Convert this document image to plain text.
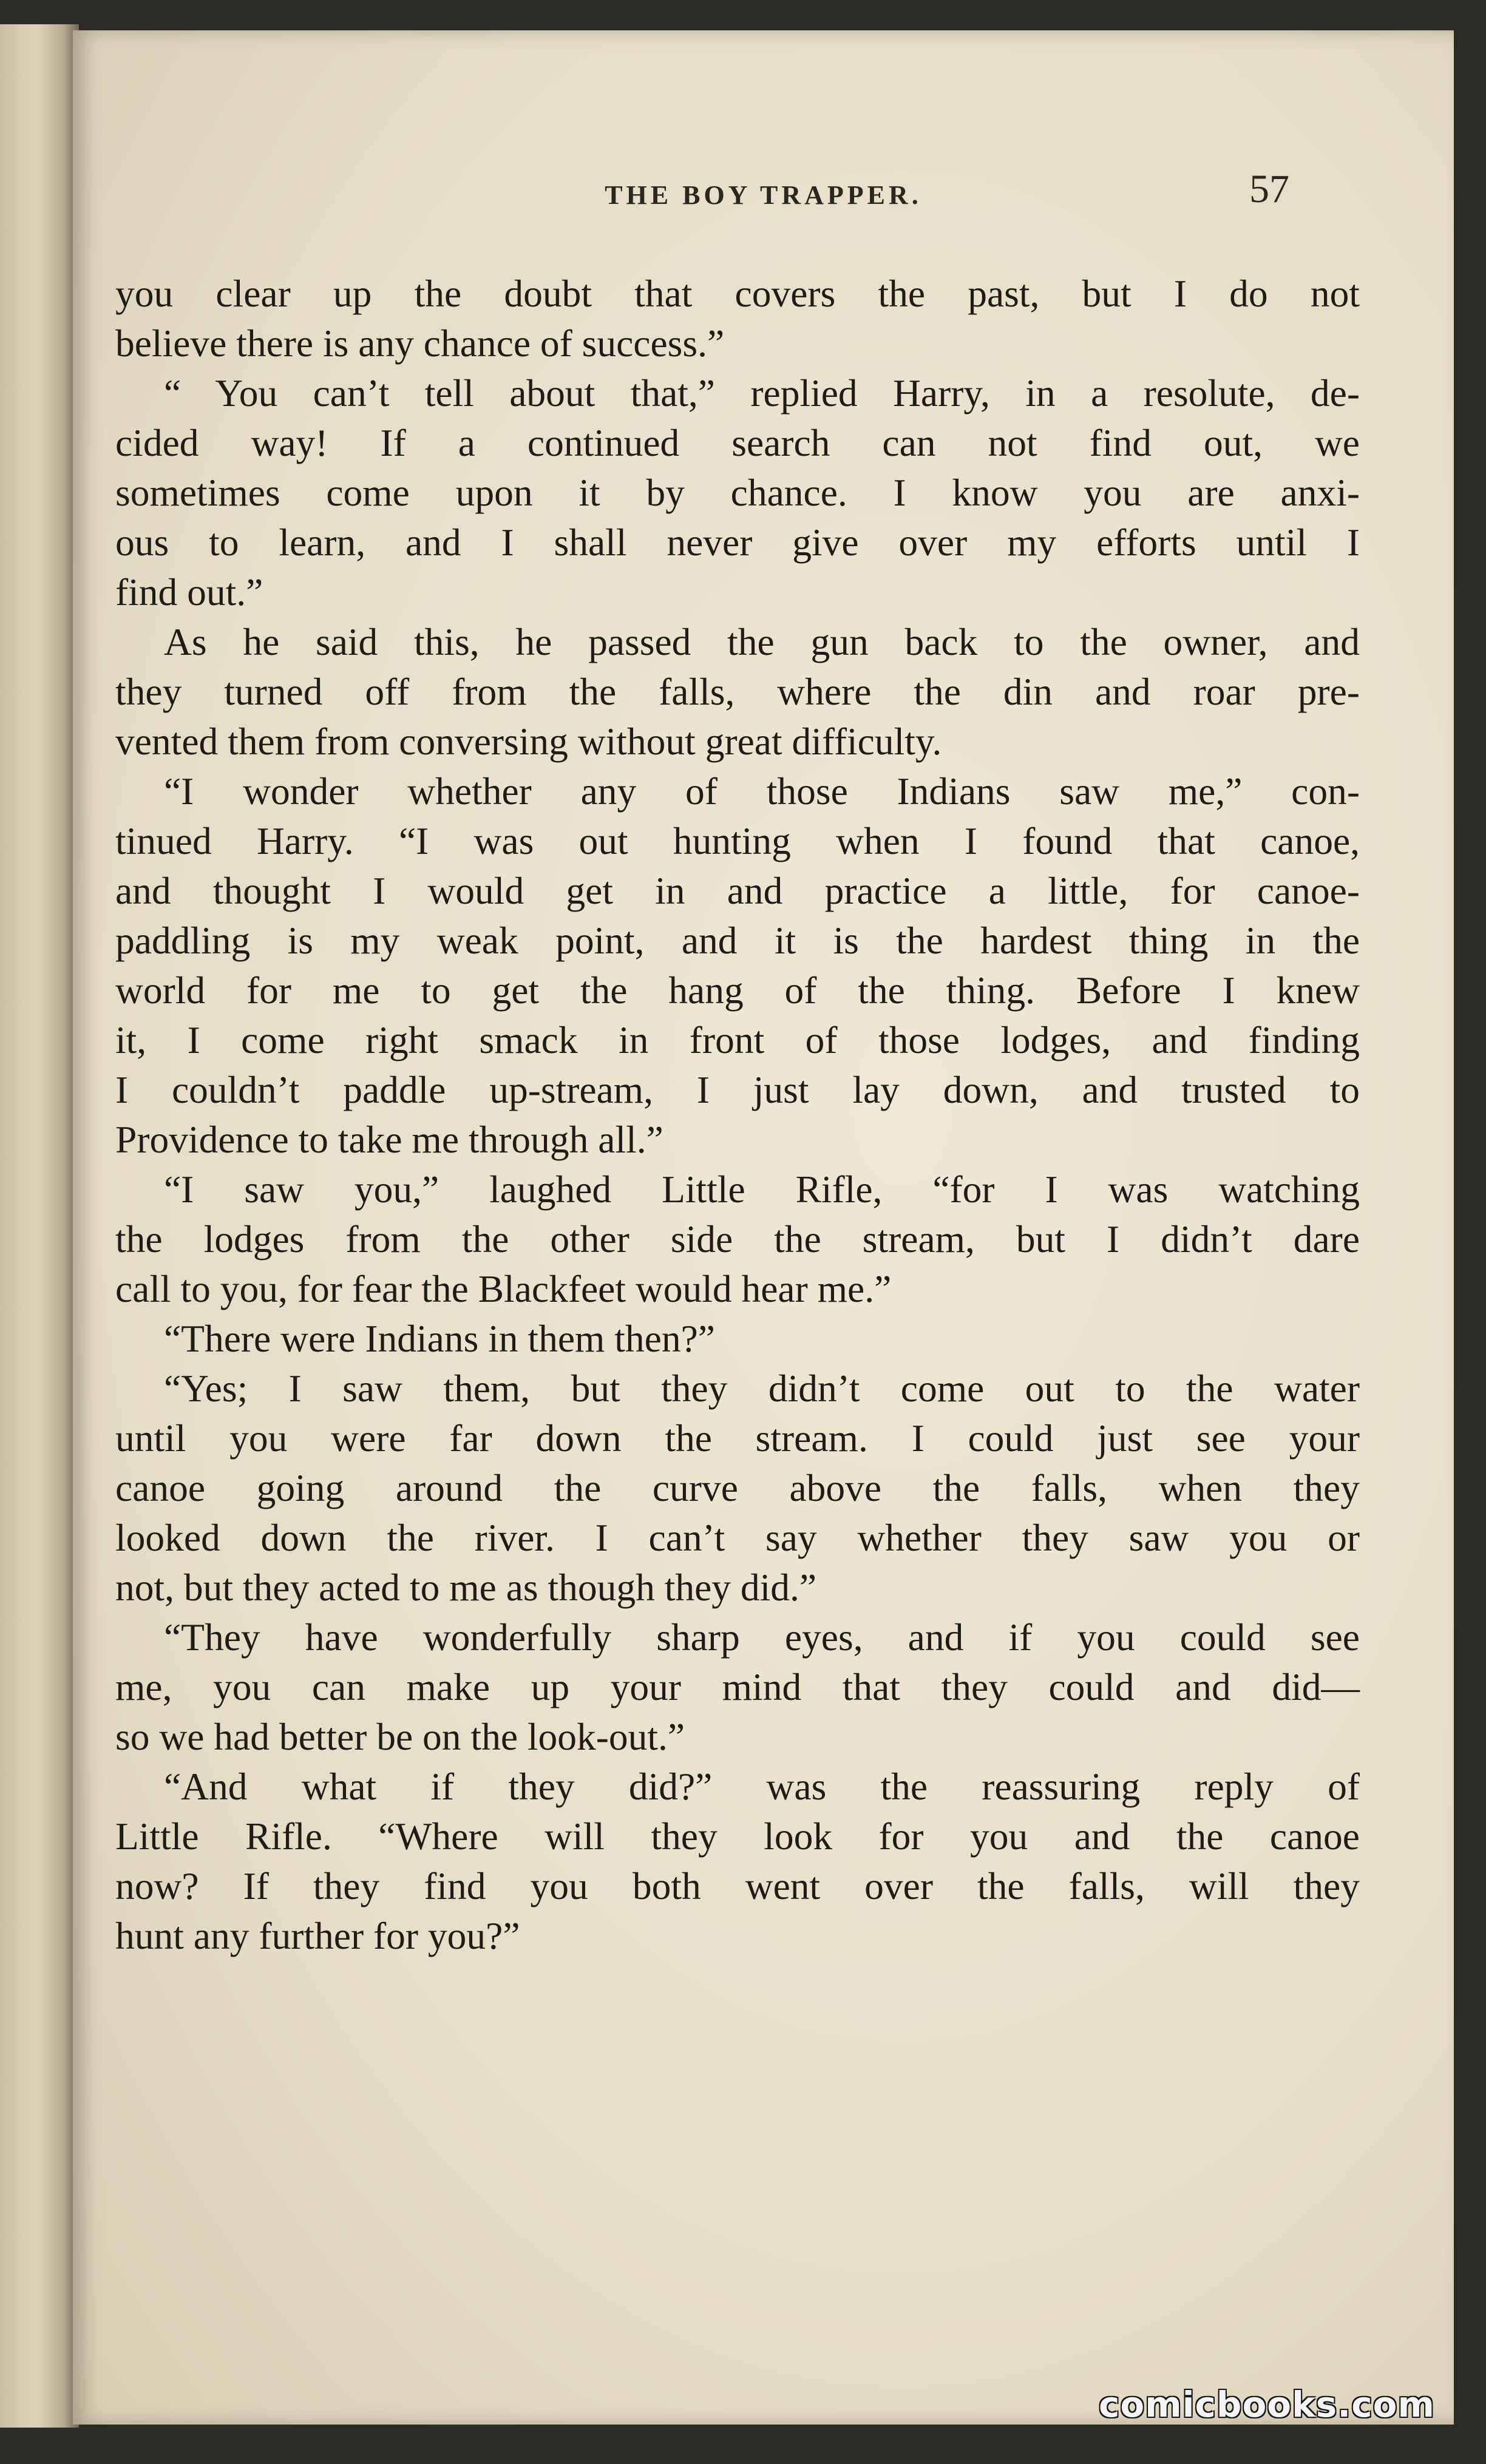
THE BOY TRAPPER.	57
you clear up the doubt that covers the past, but I do not
believe there is any chance of success.”
“ You can’t tell about that,” replied Harry, in a resolute, de-
cided way! If a continued search can not find out, we
sometimes come upon it by chance. I know you are anxi-
ous to learn, and I shall never give over my efforts until I
find out.”
As he said this, he passed the gun back to the owner, and
they turned off from the falls, where the din and roar pre-
vented them from conversing without great difficulty.
“I wonder whether any of those Indians saw me,” con-
tinued Harry. “I was out hunting when I found that canoe,
and thought I would get in and practice a little, for canoe-
paddling is my weak point, and it is the hardest thing in the
world for me to get the hang of the thing. Before I knew
it, I come right smack in front of those lodges, and finding
I couldn’t paddle up-stream, I just lay down, and trusted to
Providence to take me through all.”
“I saw you,” laughed Little Rifle, “for I was watching
the lodges from the other side the stream, but I didn’t dare
call to you, for fear the Blackfeet would hear me.”
“There were Indians in them then?”
“Yes; I saw them, but they didn’t come out to the water
until you were far down the stream. I could just see your
canoe going around the curve above the falls, when they
looked down the river. I can’t say whether they saw you or
not, but they acted to me as though they did.”
“They have wonderfully sharp eyes, and if you could see
me, you can make up your mind that they could and did—
so we had better be on the look-out.”
“And what if they did?” was the reassuring reply of
Little Rifle. “Where will they look for you and the canoe
now? If they find you both went over the falls, will they
hunt any further for you?”
comicbooks.com
